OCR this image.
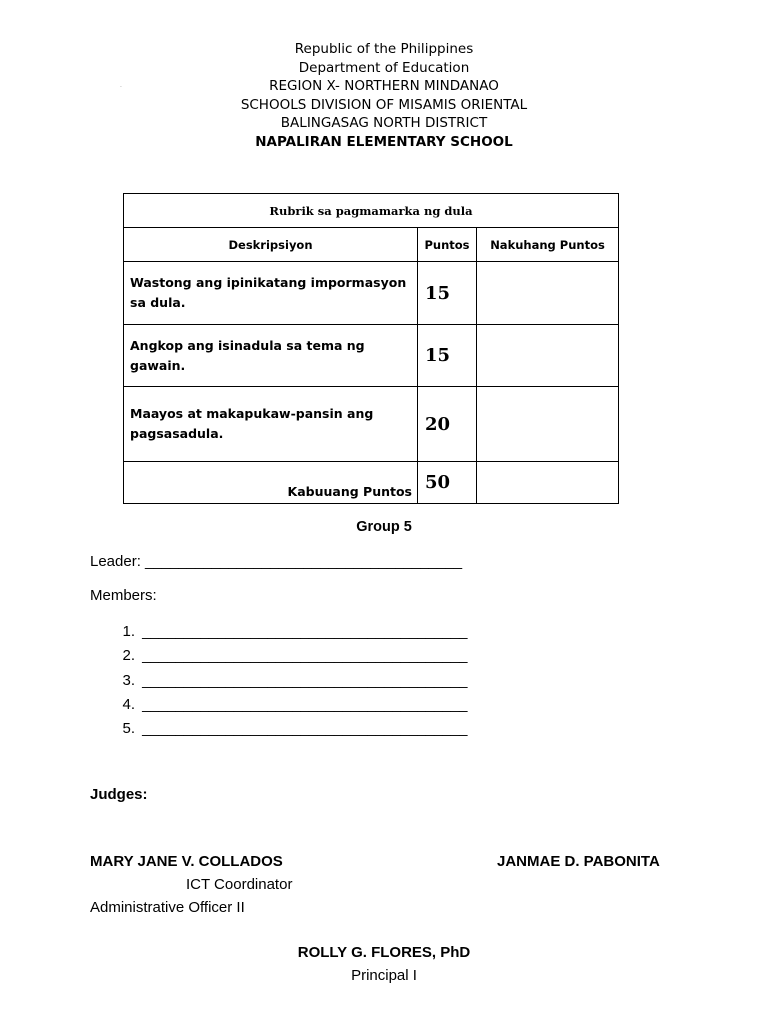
Republic of the Philippines
Department of Education
REGION X- NORTHERN MINDANAO
SCHOOLS DIVISION OF MISAMIS ORIENTAL
BALINGASAG NORTH DISTRICT
NAPALIRAN ELEMENTARY SCHOOL
.
Rubrik sa pagmamarka ng dula		
Deskripsiyon	Puntos	Nakuhang Puntos
Wastong ang ipinikatang impormasyon sa dula.	15	
Angkop ang isinadula sa tema ng gawain.	15	
Maayos at makapukaw-pansin ang pagsasadula.	20	
Kabuuang Puntos	50	
Group 5
Leader: ______________________________________
Members:
1. _______________________________________
2. _______________________________________
3. _______________________________________
4. _______________________________________
5. _______________________________________
Judges:
MARY JANE V. COLLADOS
ICT Coordinator
Administrative Officer II
JANMAE D. PABONITA
ROLLY G. FLORES, PhD
Principal I
